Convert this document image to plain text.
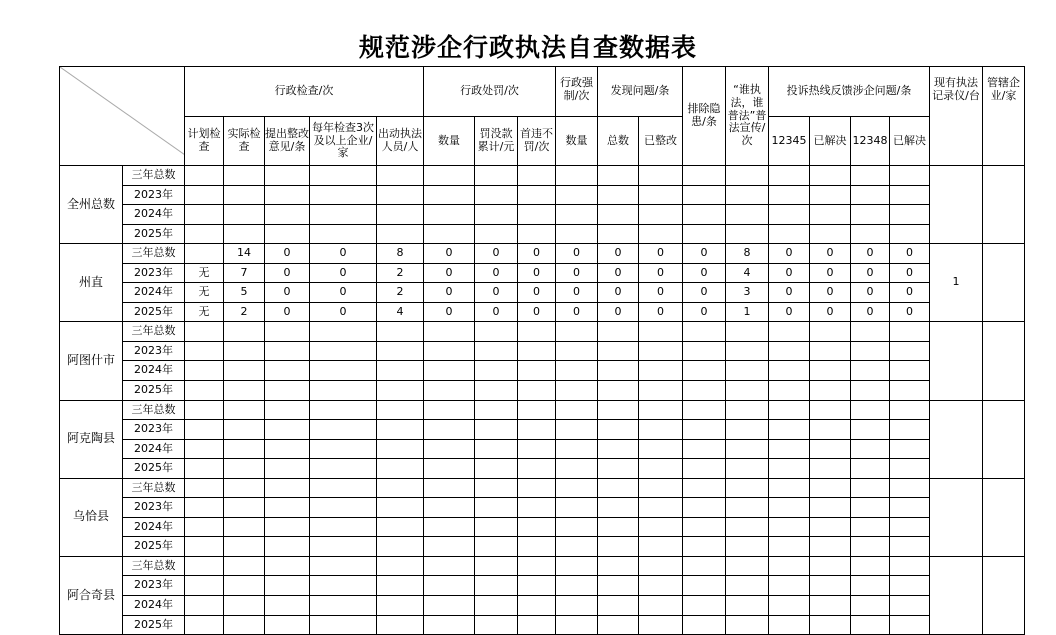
规范涉企行政执法自查数据表
	行政检查/次					行政处罚/次			行政强制/次	发现问题/条		排除隐患/条	“谁执法，谁普法”普法宣传/次	投诉热线反馈涉企问题/条				现有执法记录仪/台	管辖企业/家
		计划检查	实际检查	提出整改意见/条	每年检查3次及以上企业/家	出动执法人员/人	数量	罚没款累计/元	首违不罚/次	数量	总数	已整改			12345	已解决	12348	已解决		
全州总数	三年总数																			
	2023年																			
	2024年																			
	2025年																			
州直	三年总数		14	0	0	8	0	0	0	0	0	0	0	8	0	0	0	0	1	
	2023年	无	7	0	0	2	0	0	0	0	0	0	0	4	0	0	0	0		
	2024年	无	5	0	0	2	0	0	0	0	0	0	0	3	0	0	0	0		
	2025年	无	2	0	0	4	0	0	0	0	0	0	0	1	0	0	0	0		
阿图什市	三年总数																			
	2023年																			
	2024年																			
	2025年																			
阿克陶县	三年总数																			
	2023年																			
	2024年																			
	2025年																			
乌恰县	三年总数																			
	2023年																			
	2024年																			
	2025年																			
阿合奇县	三年总数																			
	2023年																			
	2024年																			
	2025年																			
